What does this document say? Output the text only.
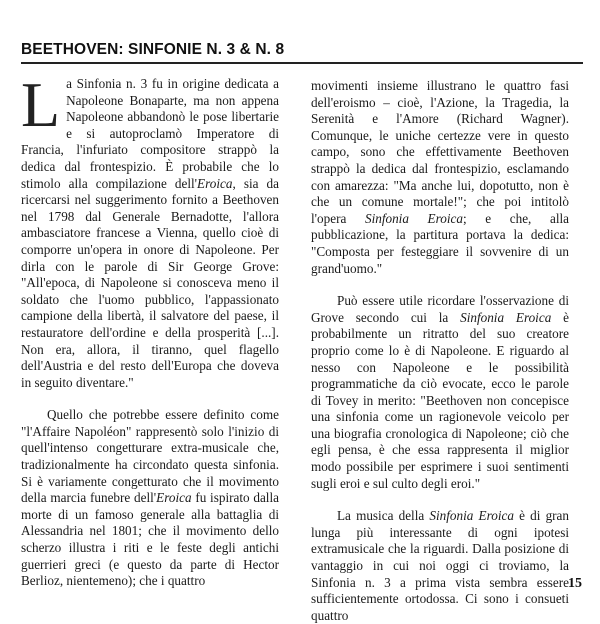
BEETHOVEN: SINFONIE N. 3 & N. 8

L a Sinfonia n. 3 fu in origine dedicata a Napoleone Bonaparte, ma non appena Napoleone abbandonò le pose libertarie e si autoproclamò Imperatore di Francia, l'infuriato compositore strappò la dedica dal frontespizio. È probabile che lo stimolo alla compilazione dell'Eroica, sia da ricercarsi nel suggerimento fornito a Beethoven nel 1798 dal Generale Bernadotte, l'allora ambasciatore francese a Vienna, quello cioè di comporre un'opera in onore di Napoleone. Per dirla con le parole di Sir George Grove: "All'epoca, di Napoleone si conosceva meno il soldato che l'uomo pubblico, l'appassionato campione della libertà, il salvatore del paese, il restauratore dell'ordine e della prosperità [...]. Non era, allora, il tiranno, quel flagello dell'Austria e del resto dell'Europa che doveva in seguito diventare."

Quello che potrebbe essere definito come "l'Affaire Napoléon" rappresentò solo l'inizio di quell'intenso congetturare extra-musicale che, tradizionalmente ha circondato questa sinfonia. Si è variamente congetturato che il movimento della marcia funebre dell'Eroica fu ispirato dalla morte di un famoso generale alla battaglia di Alessandria nel 1801; che il movimento dello scherzo illustra i riti e le feste degli antichi guerrieri greci (e questo da parte di Hector Berlioz, nientemeno); che i quattro

movimenti insieme illustrano le quattro fasi dell'eroismo – cioè, l'Azione, la Tragedia, la Serenità e l'Amore (Richard Wagner). Comunque, le uniche certezze vere in questo campo, sono che effettivamente Beethoven strappò la dedica dal frontespizio, esclamando con amarezza: "Ma anche lui, dopotutto, non è che un comune mortale!"; che poi intitolò l'opera Sinfonia Eroica; e che, alla pubblicazione, la partitura portava la dedica: "Composta per festeggiare il sovvenire di un grand'uomo."

Può essere utile ricordare l'osservazione di Grove secondo cui la Sinfonia Eroica è probabilmente un ritratto del suo creatore proprio come lo è di Napoleone. E riguardo al nesso con Napoleone e le possibilità programmatiche da ciò evocate, ecco le parole di Tovey in merito: "Beethoven non concepisce una sinfonia come un ragionevole veicolo per una biografia cronologica di Napoleone; ciò che egli pensa, è che essa rappresenta il miglior modo possibile per esprimere i suoi sentimenti sugli eroi e sul culto degli eroi."

La musica della Sinfonia Eroica è di gran lunga più interessante di ogni ipotesi extramusicale che la riguardi. Dalla posizione di vantaggio in cui noi oggi ci troviamo, la Sinfonia n. 3 a prima vista sembra essere sufficientemente ortodossa. Ci sono i consueti quattro

15
